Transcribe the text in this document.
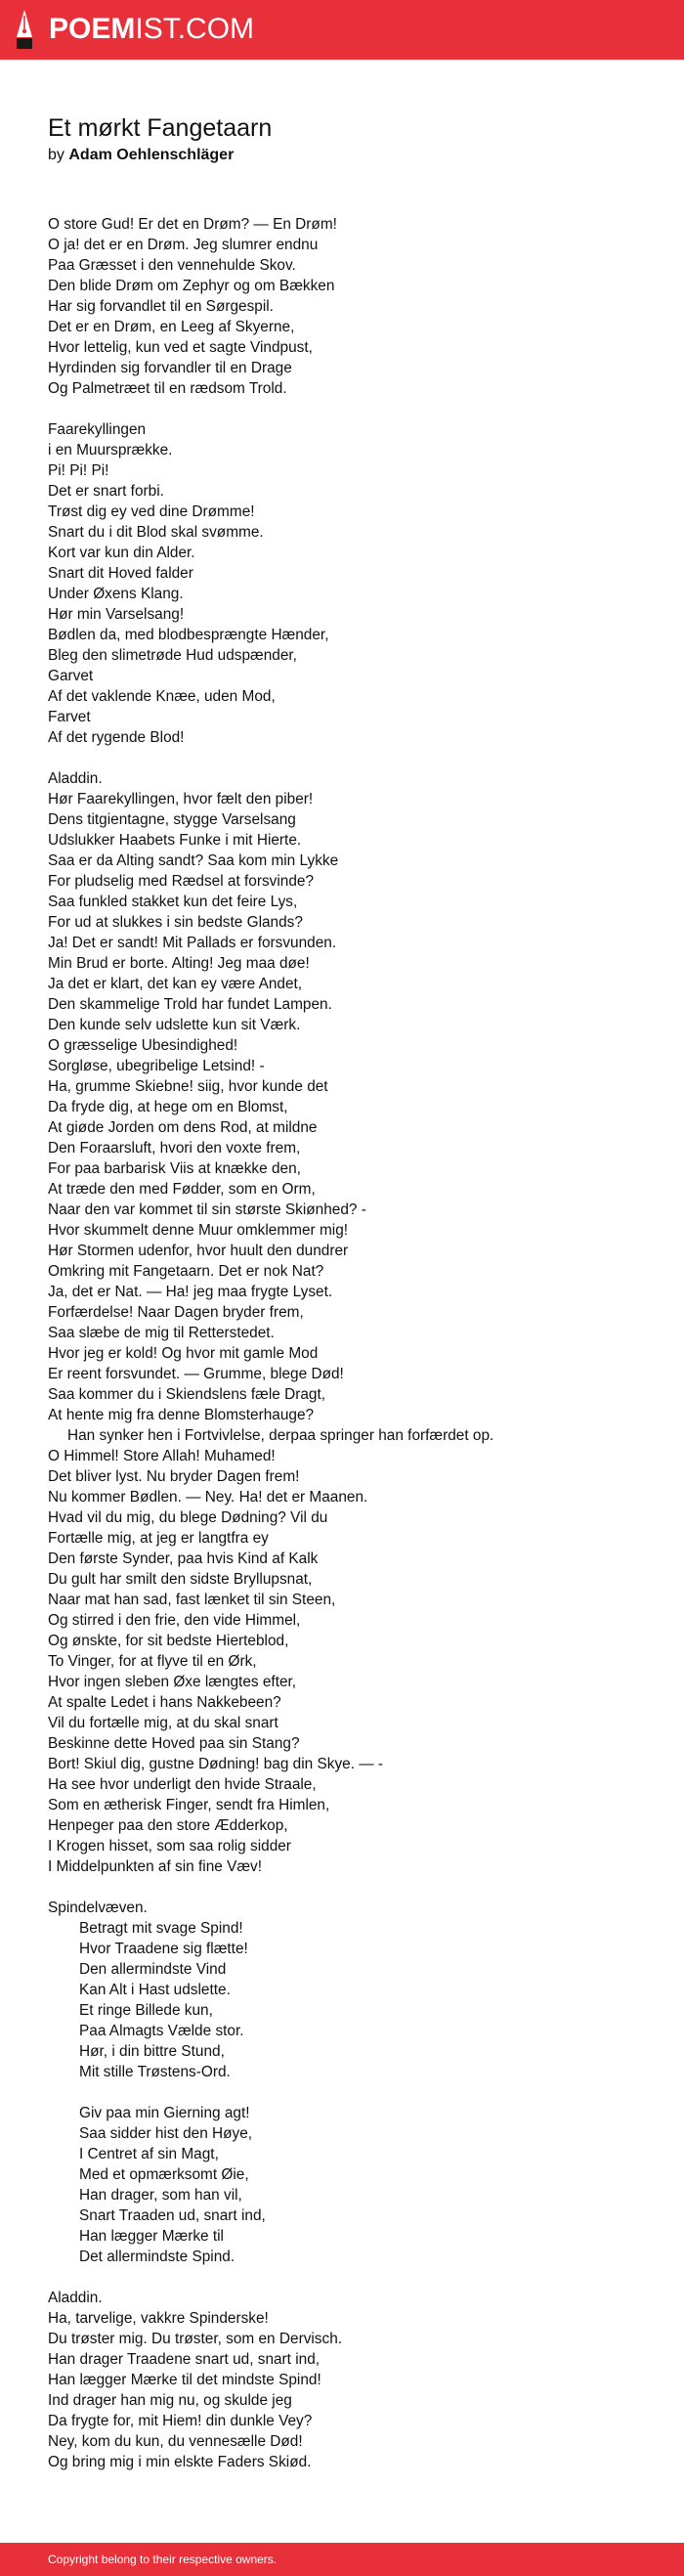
POEMIST.COM
Et mørkt Fangetaarn
by Adam Oehlenschläger
O store Gud! Er det en Drøm? — En Drøm!
O ja! det er en Drøm. Jeg slumrer endnu
Paa Græsset i den vennehulde Skov.
Den blide Drøm om Zephyr og om Bækken
Har sig forvandlet til en Sørgespil.
Det er en Drøm, en Leeg af Skyerne,
Hvor lettelig, kun ved et sagte Vindpust,
Hyrdinden sig forvandler til en Drage
Og Palmetræet til en rædsom Trold.
Faarekyllingen
i en Muursprække.
Pi! Pi! Pi!
Det er snart forbi.
Trøst dig ey ved dine Drømme!
Snart du i dit Blod skal svømme.
Kort var kun din Alder.
Snart dit Hoved falder
Under Øxens Klang.
Hør min Varselsang!
Bødlen da, med blodbesprængte Hænder,
Bleg den slimetrøde Hud udspænder,
Garvet
Af det vaklende Knæe, uden Mod,
Farvet
Af det rygende Blod!
Aladdin.
Hør Faarekyllingen, hvor fælt den piber!
Dens titgientagne, stygge Varselsang
Udslukker Haabets Funke i mit Hierte.
Saa er da Alting sandt? Saa kom min Lykke
For pludselig med Rædsel at forsvinde?
Saa funkled stakket kun det feire Lys,
For ud at slukkes i sin bedste Glands?
Ja! Det er sandt! Mit Pallads er forsvunden.
Min Brud er borte. Alting! Jeg maa døe!
Ja det er klart, det kan ey være Andet,
Den skammelige Trold har fundet Lampen.
Den kunde selv udslette kun sit Værk.
O græsselige Ubesindighed!
Sorgløse, ubegribelige Letsind! -
Ha, grumme Skiebne! siig, hvor kunde det
Da fryde dig, at hege om en Blomst,
At giøde Jorden om dens Rod, at mildne
Den Foraarsluft, hvori den voxte frem,
For paa barbarisk Viis at knække den,
At træde den med Fødder, som en Orm,
Naar den var kommet til sin største Skiønhed? -
Hvor skummelt denne Muur omklemmer mig!
Hør Stormen udenfor, hvor huult den dundrer
Omkring mit Fangetaarn. Det er nok Nat?
Ja, det er Nat. — Ha! jeg maa frygte Lyset.
Forfærdelse! Naar Dagen bryder frem,
Saa slæbe de mig til Retterstedet.
Hvor jeg er kold! Og hvor mit gamle Mod
Er reent forsvundet. — Grumme, blege Død!
Saa kommer du i Skiendslens fæle Dragt,
At hente mig fra denne Blomsterhauge?
Han synker hen i Fortvivlelse, derpaa springer han forfærdet op.
O Himmel! Store Allah! Muhamed!
Det bliver lyst. Nu bryder Dagen frem!
Nu kommer Bødlen. — Ney. Ha! det er Maanen.
Hvad vil du mig, du blege Dødning? Vil du
Fortælle mig, at jeg er langtfra ey
Den første Synder, paa hvis Kind af Kalk
Du gult har smilt den sidste Bryllupsnat,
Naar mat han sad, fast lænket til sin Steen,
Og stirred i den frie, den vide Himmel,
Og ønskte, for sit bedste Hierteblod,
To Vinger, for at flyve til en Ørk,
Hvor ingen sleben Øxe længtes efter,
At spalte Ledet i hans Nakkebeen?
Vil du fortælle mig, at du skal snart
Beskinne dette Hoved paa sin Stang?
Bort! Skiul dig, gustne Dødning! bag din Skye. — -
Ha see hvor underligt den hvide Straale,
Som en ætherisk Finger, sendt fra Himlen,
Henpeger paa den store Ædderkop,
I Krogen hisset, som saa rolig sidder
I Middelpunkten af sin fine Væv!
Spindelvæven.
Betragt mit svage Spind!
Hvor Traadene sig flætte!
Den allermindste Vind
Kan Alt i Hast udslette.
Et ringe Billede kun,
Paa Almagts Vælde stor.
Hør, i din bittre Stund,
Mit stille Trøstens-Ord.
Giv paa min Gierning agt!
Saa sidder hist den Høye,
I Centret af sin Magt,
Med et opmærksomt Øie,
Han drager, som han vil,
Snart Traaden ud, snart ind,
Han lægger Mærke til
Det allermindste Spind.
Aladdin.
Ha, tarvelige, vakkre Spinderske!
Du trøster mig. Du trøster, som en Dervisch.
Han drager Traadene snart ud, snart ind,
Han lægger Mærke til det mindste Spind!
Ind drager han mig nu, og skulde jeg
Da frygte for, mit Hiem! din dunkle Vey?
Ney, kom du kun, du vennesælle Død!
Og bring mig i min elskte Faders Skiød.
Copyright belong to their respective owners.
